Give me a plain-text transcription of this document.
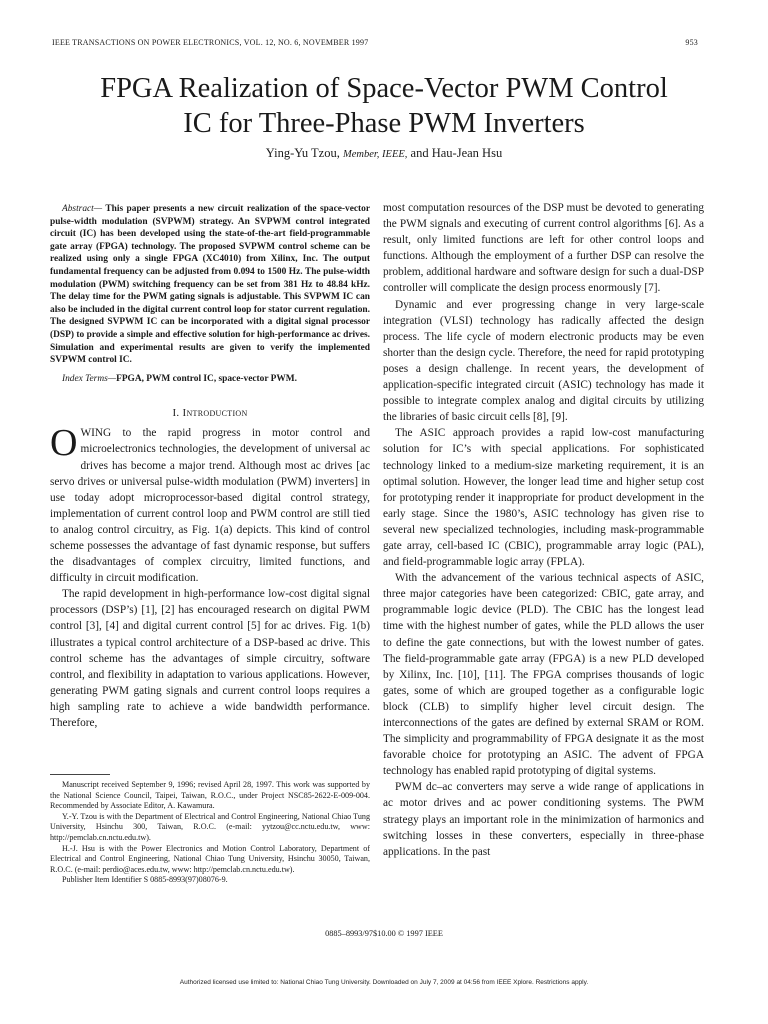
IEEE TRANSACTIONS ON POWER ELECTRONICS, VOL. 12, NO. 6, NOVEMBER 1997	953
FPGA Realization of Space-Vector PWM Control
IC for Three-Phase PWM Inverters
Ying-Yu Tzou, Member, IEEE, and Hau-Jean Hsu

Abstract— This paper presents a new circuit realization of the space-vector pulse-width modulation (SVPWM) strategy. An SVPWM control integrated circuit (IC) has been developed using the state-of-the-art field-programmable gate array (FPGA) technology. The proposed SVPWM control scheme can be realized using only a single FPGA (XC4010) from Xilinx, Inc. The output fundamental frequency can be adjusted from 0.094 to 1500 Hz. The pulse-width modulation (PWM) switching frequency can be set from 381 Hz to 48.84 kHz. The delay time for the PWM gating signals is adjustable. This SVPWM IC can also be included in the digital current control loop for stator current regulation. The designed SVPWM IC can be incorporated with a digital signal processor (DSP) to provide a simple and effective solution for high-performance ac drives. Simulation and experimental results are given to verify the implemented SVPWM control IC.

Index Terms—FPGA, PWM control IC, space-vector PWM.

I. Introduction

OWING to the rapid progress in motor control and microelectronics technologies, the development of universal ac drives has become a major trend. Although most ac drives [ac servo drives or universal pulse-width modulation (PWM) inverters] in use today adopt microprocessor-based digital control strategy, implementation of current control loop and PWM control are still tied to analog control circuitry, as Fig. 1(a) depicts. This kind of control scheme possesses the advantage of fast dynamic response, but suffers the disadvantages of complex circuitry, limited functions, and difficulty in circuit modification.

The rapid development in high-performance low-cost digital signal processors (DSP’s) [1], [2] has encouraged research on digital PWM control [3], [4] and digital current control [5] for ac drives. Fig. 1(b) illustrates a typical control architecture of a DSP-based ac drive. This control scheme has the advantages of simple circuitry, software control, and flexibility in adaptation to various applications. However, generating PWM gating signals and current control loops requires a high sampling rate to achieve a wide bandwidth performance. Therefore,

Manuscript received September 9, 1996; revised April 28, 1997. This work was supported by the National Science Council, Taipei, Taiwan, R.O.C., under Project NSC85-2622-E-009-004. Recommended by Associate Editor, A. Kawamura.

Y.-Y. Tzou is with the Department of Electrical and Control Engineering, National Chiao Tung University, Hsinchu 300, Taiwan, R.O.C. (e-mail: yytzou@cc.nctu.edu.tw, www: http://pemclab.cn.nctu.edu.tw).

H.-J. Hsu is with the Power Electronics and Motion Control Laboratory, Department of Electrical and Control Engineering, National Chiao Tung University, Hsinchu 30050, Taiwan, R.O.C. (e-mail: perdio@aces.edu.tw, www: http://pemclab.cn.nctu.edu.tw).

Publisher Item Identifier S 0885-8993(97)08076-9.

most computation resources of the DSP must be devoted to generating the PWM signals and executing of current control algorithms [6]. As a result, only limited functions are left for other control loops and functions. Although the employment of a further DSP can resolve the problem, additional hardware and software design for such a dual-DSP controller will complicate the design process enormously [7].

Dynamic and ever progressing change in very large-scale integration (VLSI) technology has radically affected the design process. The life cycle of modern electronic products may be even shorter than the design cycle. Therefore, the need for rapid prototyping poses a design challenge. In recent years, the development of application-specific integrated circuit (ASIC) technology has made it possible to integrate complex analog and digital circuits by utilizing the libraries of basic circuit cells [8], [9].

The ASIC approach provides a rapid low-cost manufacturing solution for IC’s with special applications. For sophisticated technology linked to a medium-size marketing requirement, it is an optimal solution. However, the longer lead time and higher setup cost for prototyping render it inappropriate for product development in the early stage. Since the 1980’s, ASIC technology has given rise to several new specialized technologies, including mask-programmable gate array, cell-based IC (CBIC), programmable array logic (PAL), and field-programmable logic array (FPLA).

With the advancement of the various technical aspects of ASIC, three major categories have been categorized: CBIC, gate array, and programmable logic device (PLD). The CBIC has the longest lead time with the highest number of gates, while the PLD allows the user to define the gate connections, but with the lowest number of gates. The field-programmable gate array (FPGA) is a new PLD developed by Xilinx, Inc. [10], [11]. The FPGA comprises thousands of logic gates, some of which are grouped together as a configurable logic block (CLB) to simplify higher level circuit design. The interconnections of the gates are defined by external SRAM or ROM. The simplicity and programmability of FPGA designate it as the most favorable choice for prototyping an ASIC. The advent of FPGA technology has enabled rapid prototyping of digital systems.

PWM dc–ac converters may serve a wide range of applications in ac motor drives and ac power conditioning systems. The PWM strategy plays an important role in the minimization of harmonics and switching losses in these converters, especially in three-phase applications. In the past

0885–8993/97$10.00 © 1997 IEEE
Authorized licensed use limited to: National Chiao Tung University. Downloaded on July 7, 2009 at 04:56 from IEEE Xplore. Restrictions apply.
